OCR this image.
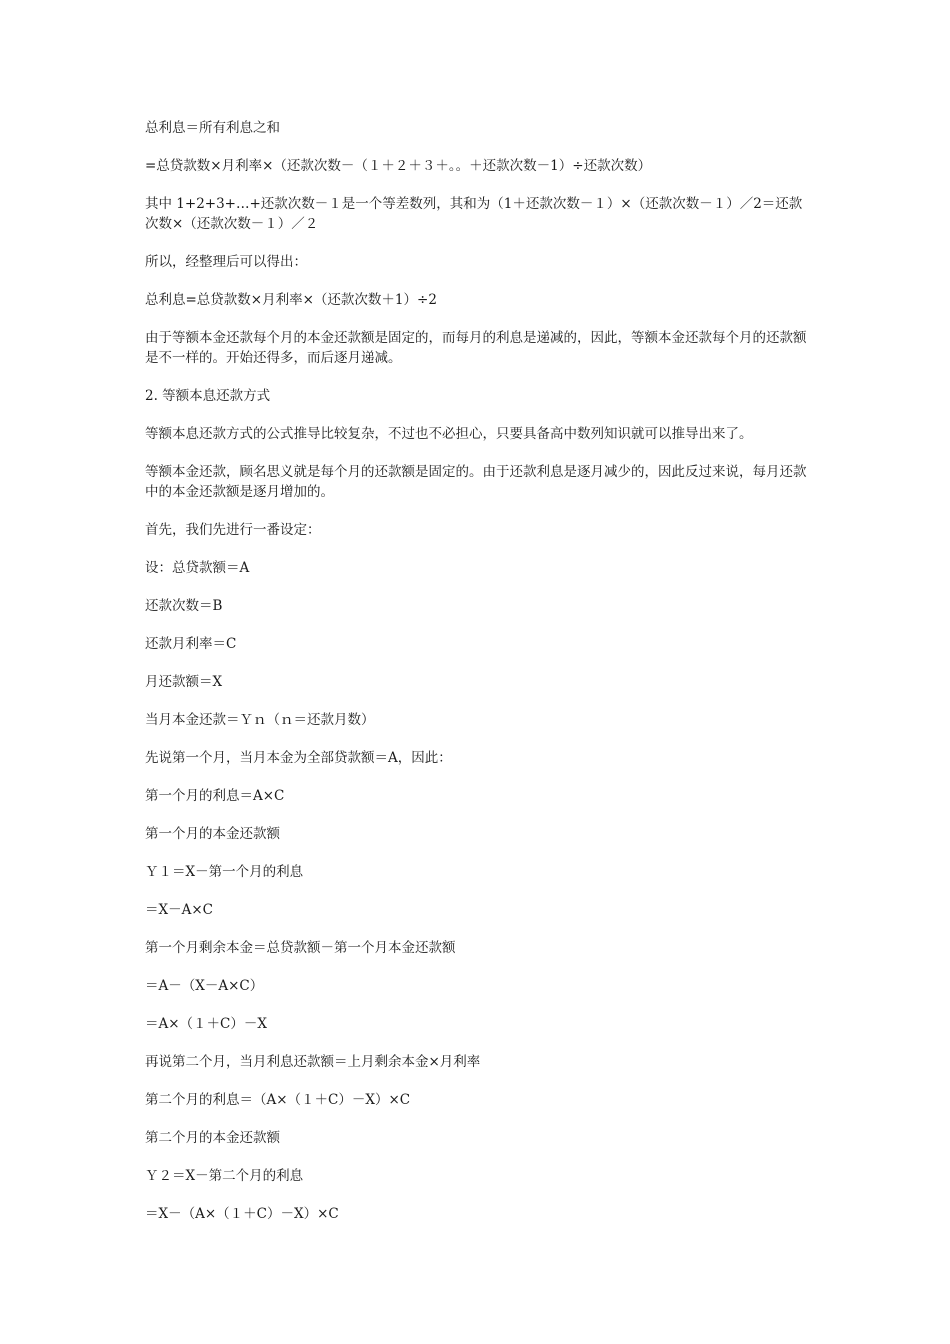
总利息＝所有利息之和

=总贷款数×月利率×（还款次数－（１＋２＋３＋。。＋还款次数－1）÷还款次数）

其中 1+2+3+…+还款次数－１是一个等差数列，其和为（1＋还款次数－１）×（还款次数－１）／2＝还款次数×（还款次数－１）／２

所以，经整理后可以得出：

总利息=总贷款数×月利率×（还款次数＋1）÷2

由于等额本金还款每个月的本金还款额是固定的，而每月的利息是递减的，因此，等额本金还款每个月的还款额是不一样的。开始还得多，而后逐月递减。

2. 等额本息还款方式

等额本息还款方式的公式推导比较复杂，不过也不必担心，只要具备高中数列知识就可以推导出来了。

等额本金还款，顾名思义就是每个月的还款额是固定的。由于还款利息是逐月减少的，因此反过来说，每月还款中的本金还款额是逐月增加的。

首先，我们先进行一番设定：

设：总贷款额＝A

还款次数＝B

还款月利率＝C

月还款额＝X

当月本金还款＝Ｙｎ（ｎ＝还款月数）

先说第一个月，当月本金为全部贷款额＝A，因此：

第一个月的利息＝A×C

第一个月的本金还款额

Ｙ１＝X－第一个月的利息

＝X－A×C

第一个月剩余本金＝总贷款额－第一个月本金还款额

＝A－（X－A×C）

＝A×（１＋C）－X

再说第二个月，当月利息还款额＝上月剩余本金×月利率

第二个月的利息＝（A×（１＋C）－X）×C

第二个月的本金还款额

Ｙ２＝X－第二个月的利息

＝X－（A×（１＋C）－X）×C
